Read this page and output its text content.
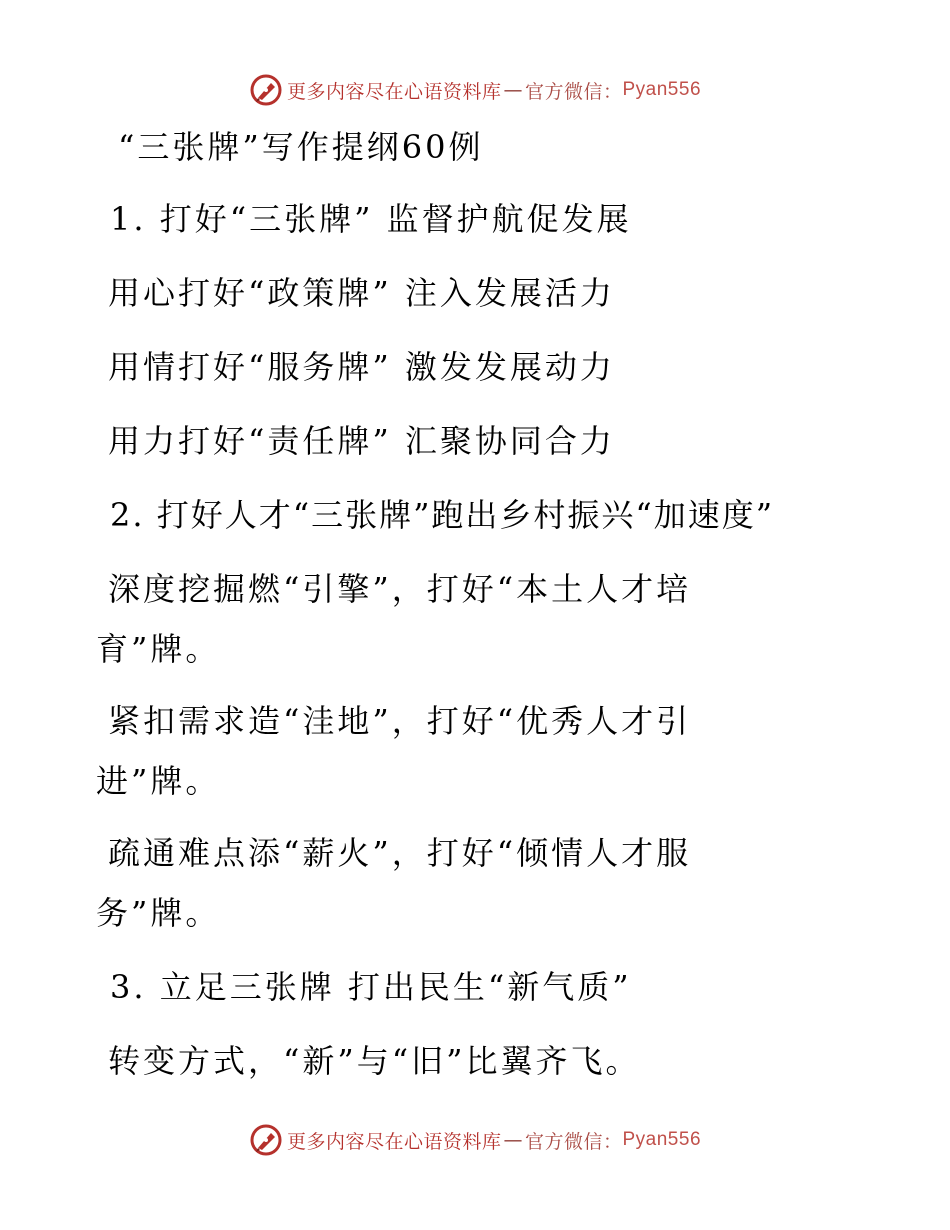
更多内容尽在心语资料库 — 官方微信： Pyan556
“三张牌”写作提纲60例
1. 打好“三张牌” 监督护航促发展
用心打好“政策牌” 注入发展活力
用情打好“服务牌” 激发发展动力
用力打好“责任牌” 汇聚协同合力
2. 打好人才“三张牌”跑出乡村振兴“加速度”
深度挖掘燃“引擎”，打好“本土人才培
育”牌。
紧扣需求造“洼地”，打好“优秀人才引
进”牌。
疏通难点添“薪火”，打好“倾情人才服
务”牌。
3. 立足三张牌 打出民生“新气质”
转变方式，“新”与“旧”比翼齐飞。
更多内容尽在心语资料库 — 官方微信： Pyan556
